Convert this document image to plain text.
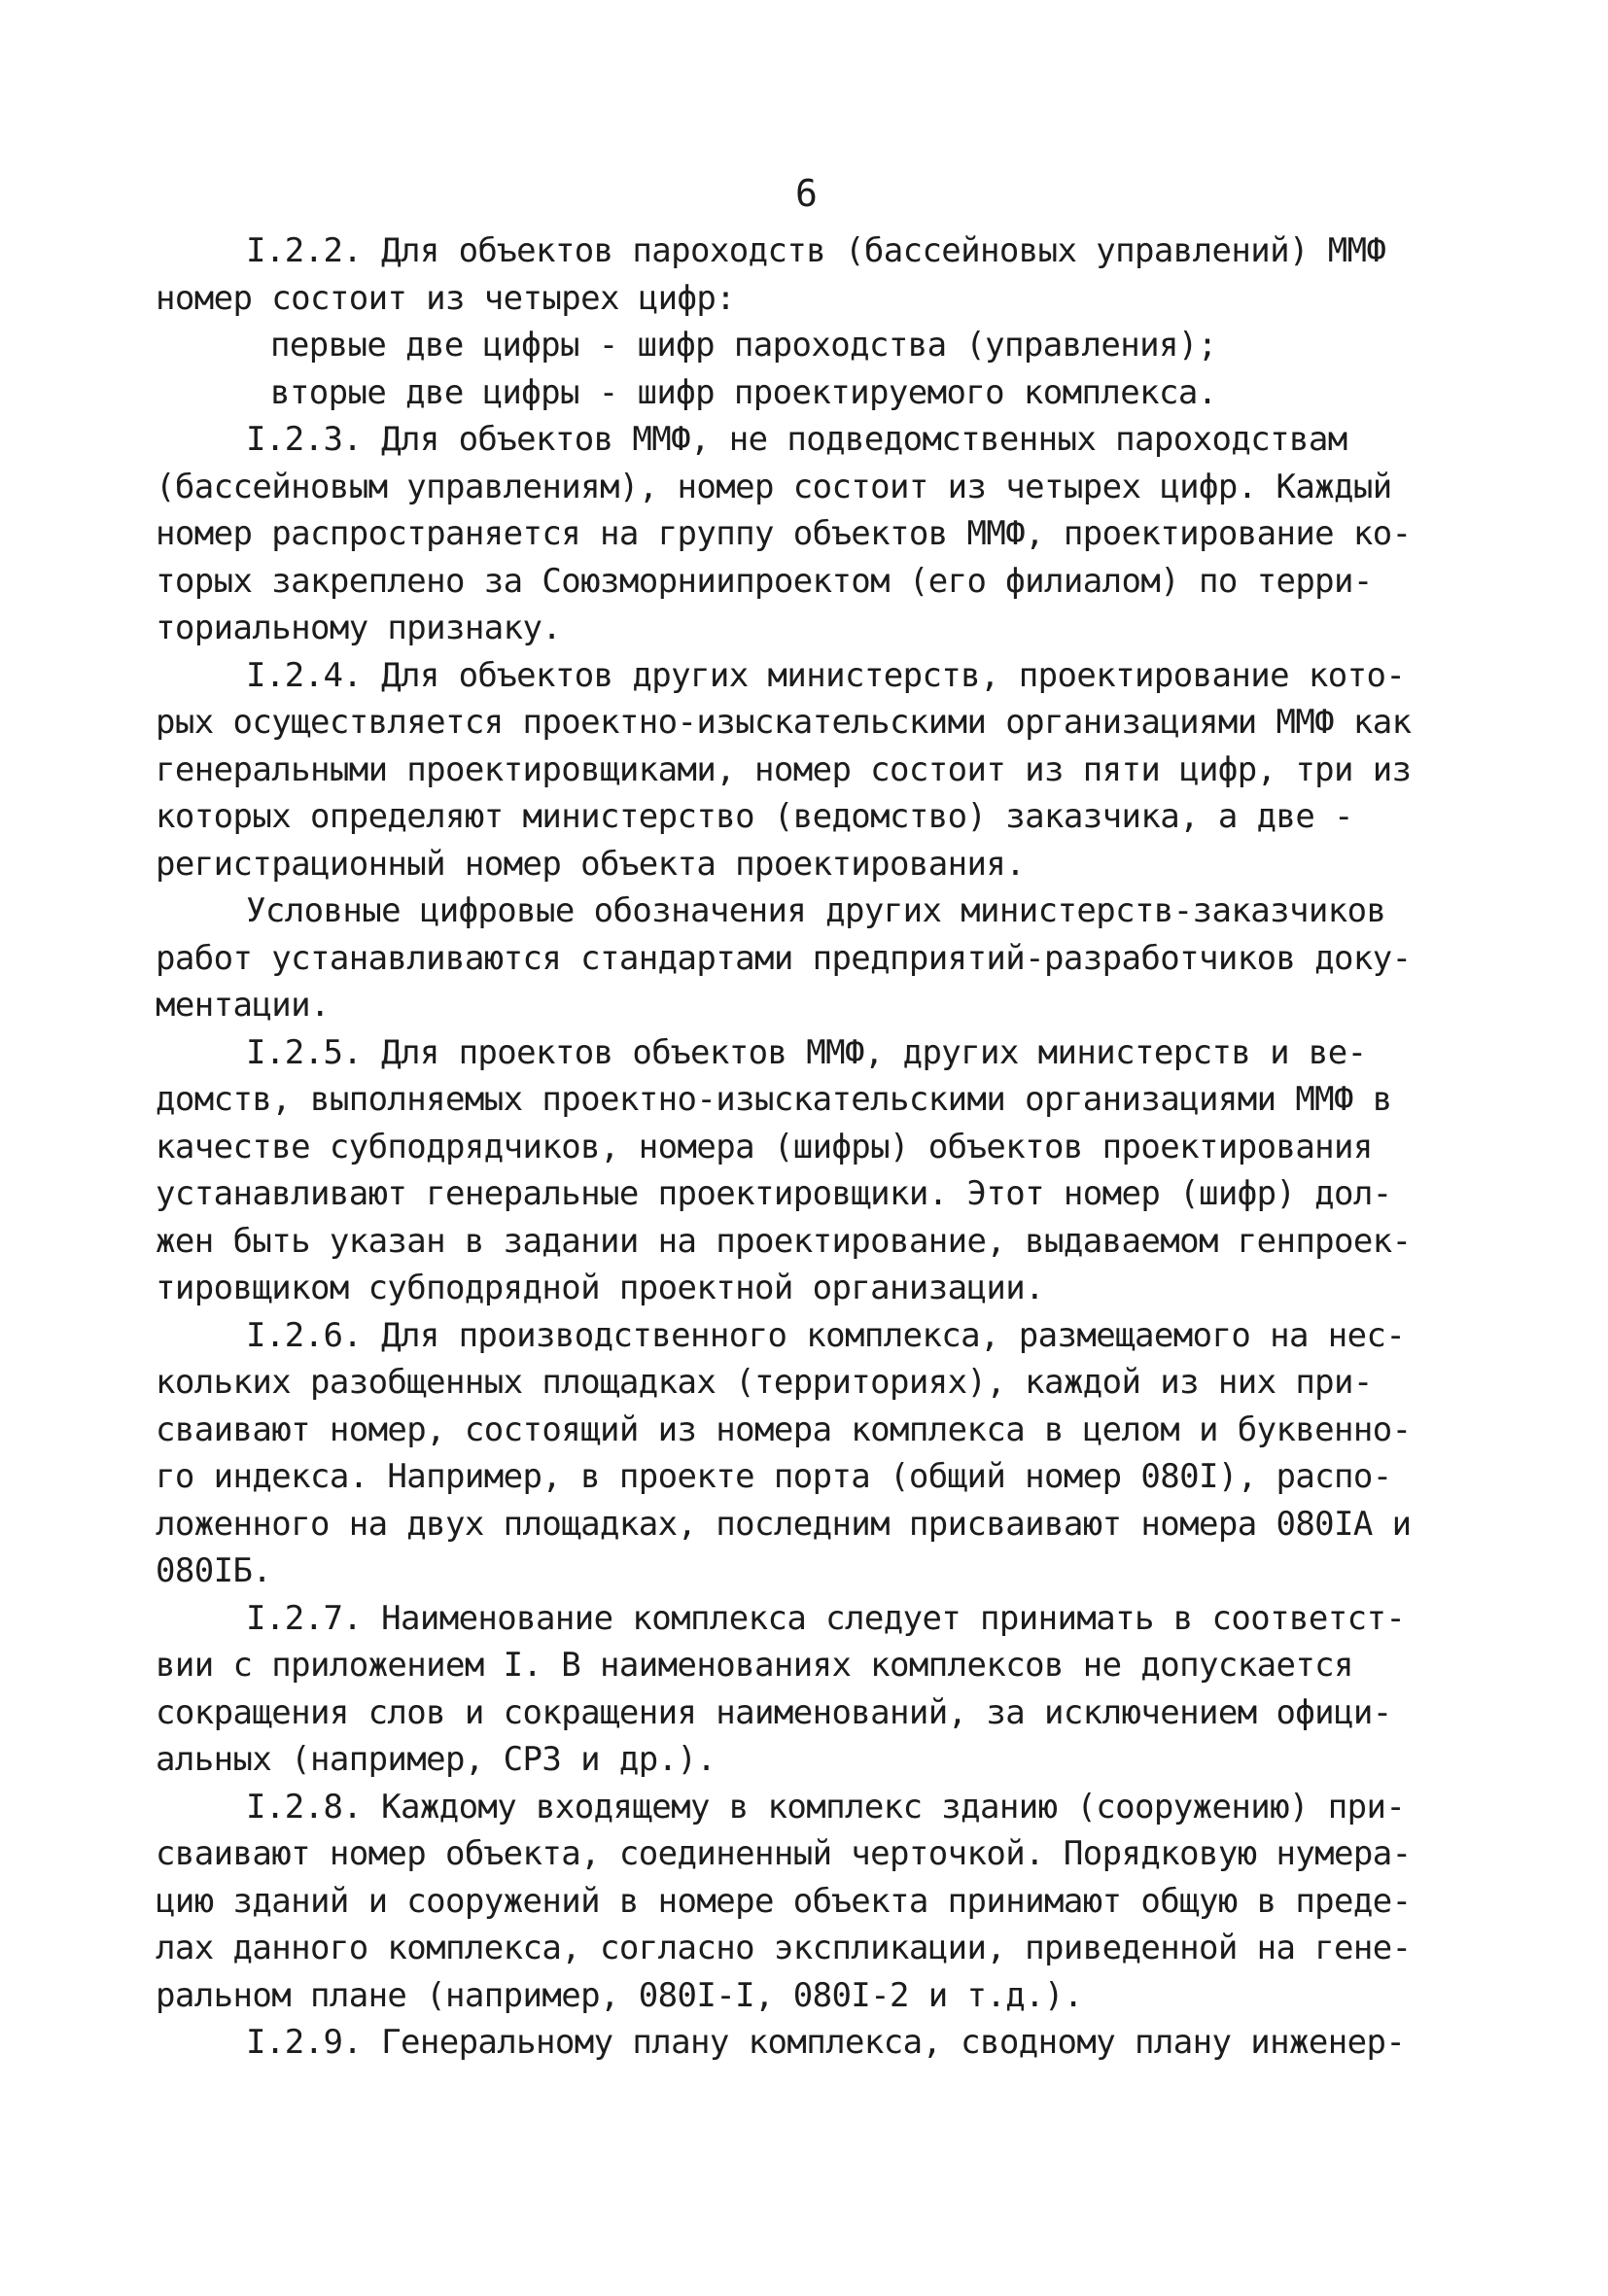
6
I.2.2. Для объектов пароходств (бассейновых управлений) ММФ
номер состоит из четырех цифр:
первые две цифры - шифр пароходства (управления);
вторые две цифры - шифр проектируемого комплекса.
I.2.3. Для объектов ММФ, не подведомственных пароходствам
(бассейновым управлениям), номер состоит из четырех цифр. Каждый
номер распространяется на группу объектов ММФ, проектирование ко-
торых закреплено за Союзморниипроектом (его филиалом) по терри-
ториальному признаку.
I.2.4. Для объектов других министерств, проектирование кото-
рых осуществляется проектно-изыскательскими организациями ММФ как
генеральными проектировщиками, номер состоит из пяти цифр, три из
которых определяют министерство (ведомство) заказчика, а две -
регистрационный номер объекта проектирования.
Условные цифровые обозначения других министерств-заказчиков
работ устанавливаются стандартами предприятий-разработчиков доку-
ментации.
I.2.5. Для проектов объектов ММФ, других министерств и ве-
домств, выполняемых проектно-изыскательскими организациями ММФ в
качестве субподрядчиков, номера (шифры) объектов проектирования
устанавливают генеральные проектировщики. Этот номер (шифр) дол-
жен быть указан в задании на проектирование, выдаваемом генпроек-
тировщиком субподрядной проектной организации.
I.2.6. Для производственного комплекса, размещаемого на нес-
кольких разобщенных площадках (территориях), каждой из них при-
сваивают номер, состоящий из номера комплекса в целом и буквенно-
го индекса. Например, в проекте порта (общий номер 080I), распо-
ложенного на двух площадках, последним присваивают номера 080IA и
080IБ.
I.2.7. Наименование комплекса следует принимать в соответст-
вии с приложением I. В наименованиях комплексов не допускается
сокращения слов и сокращения наименований, за исключением офици-
альных (например, СРЗ и др.).
I.2.8. Каждому входящему в комплекс зданию (сооружению) при-
сваивают номер объекта, соединенный черточкой. Порядковую нумера-
цию зданий и сооружений в номере объекта принимают общую в преде-
лах данного комплекса, согласно экспликации, приведенной на гене-
ральном плане (например, 080I-I, 080I-2 и т.д.).
I.2.9. Генеральному плану комплекса, сводному плану инженер-
